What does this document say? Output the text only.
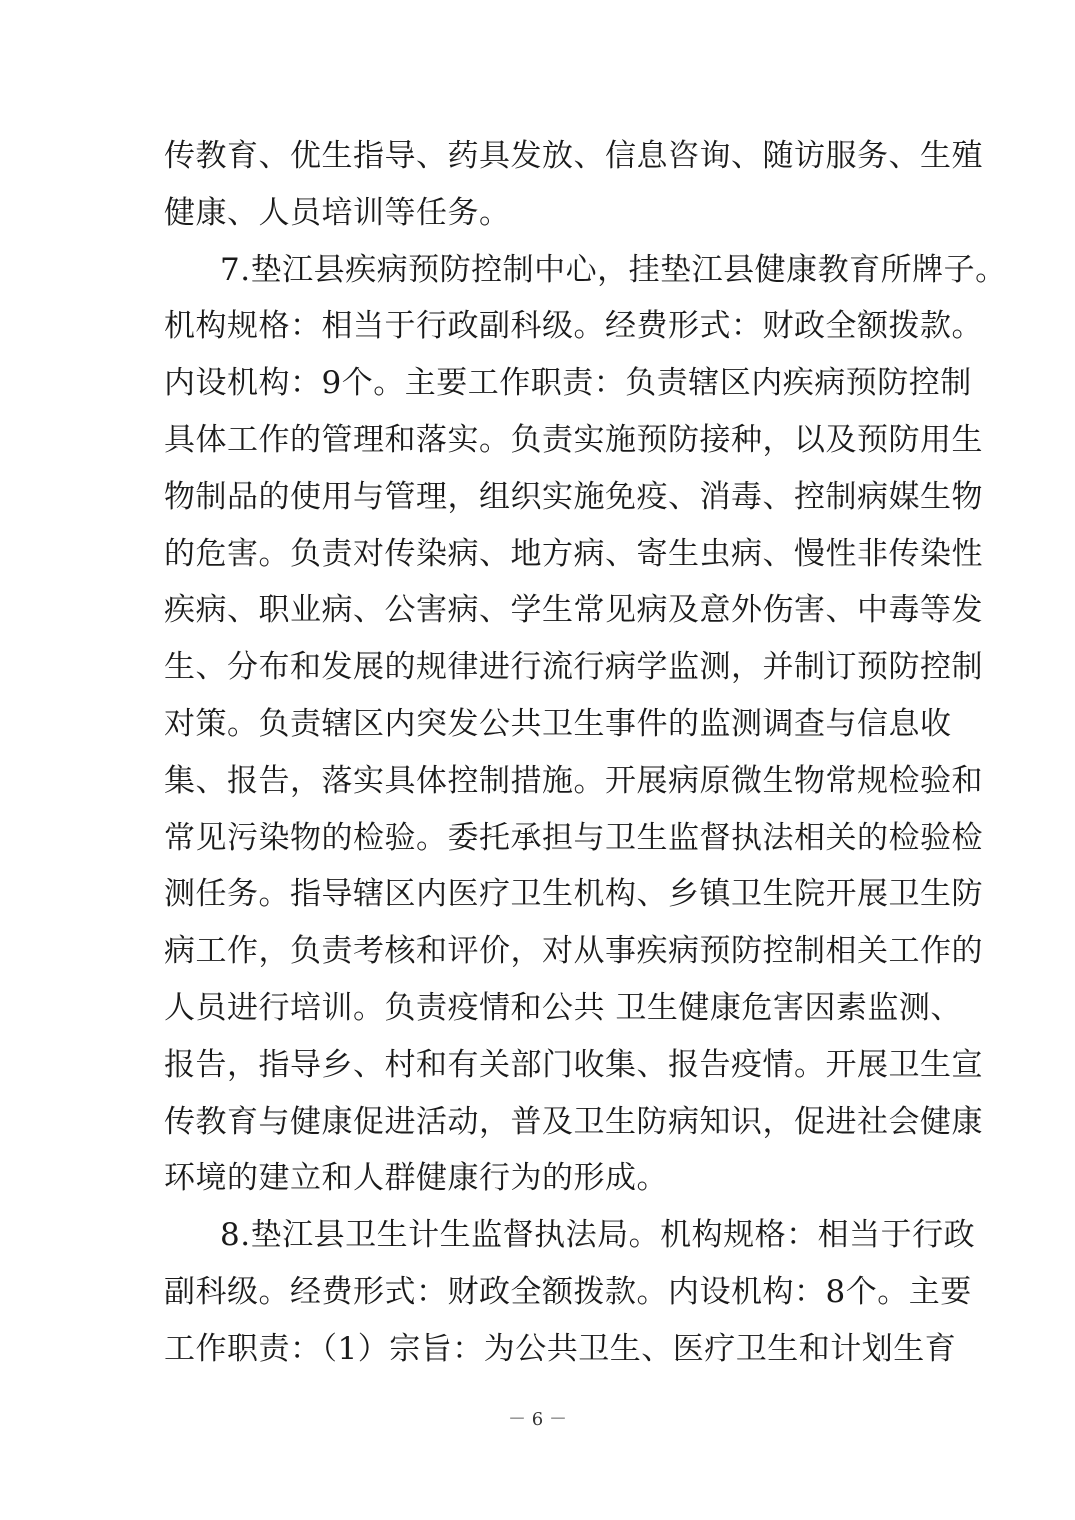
传教育、优生指导、药具发放、信息咨询、随访服务、生殖
健康、人员培训等任务。
7.垫江县疾病预防控制中心，挂垫江县健康教育所牌子。
机构规格：相当于行政副科级。经费形式：财政全额拨款。
内设机构：9个。主要工作职责：负责辖区内疾病预防控制
具体工作的管理和落实。负责实施预防接种，以及预防用生
物制品的使用与管理，组织实施免疫、消毒、控制病媒生物
的危害。负责对传染病、地方病、寄生虫病、慢性非传染性
疾病、职业病、公害病、学生常见病及意外伤害、中毒等发
生、分布和发展的规律进行流行病学监测，并制订预防控制
对策。负责辖区内突发公共卫生事件的监测调查与信息收
集、报告，落实具体控制措施。开展病原微生物常规检验和
常见污染物的检验。委托承担与卫生监督执法相关的检验检
测任务。指导辖区内医疗卫生机构、乡镇卫生院开展卫生防
病工作，负责考核和评价，对从事疾病预防控制相关工作的
人员进行培训。负责疫情和公共 卫生健康危害因素监测、
报告，指导乡、村和有关部门收集、报告疫情。开展卫生宣
传教育与健康促进活动，普及卫生防病知识，促进社会健康
环境的建立和人群健康行为的形成。
8.垫江县卫生计生监督执法局。机构规格：相当于行政
副科级。经费形式：财政全额拨款。内设机构：8个。主要
工作职责：（1）宗旨：为公共卫生、医疗卫生和计划生育
－ 6 －
